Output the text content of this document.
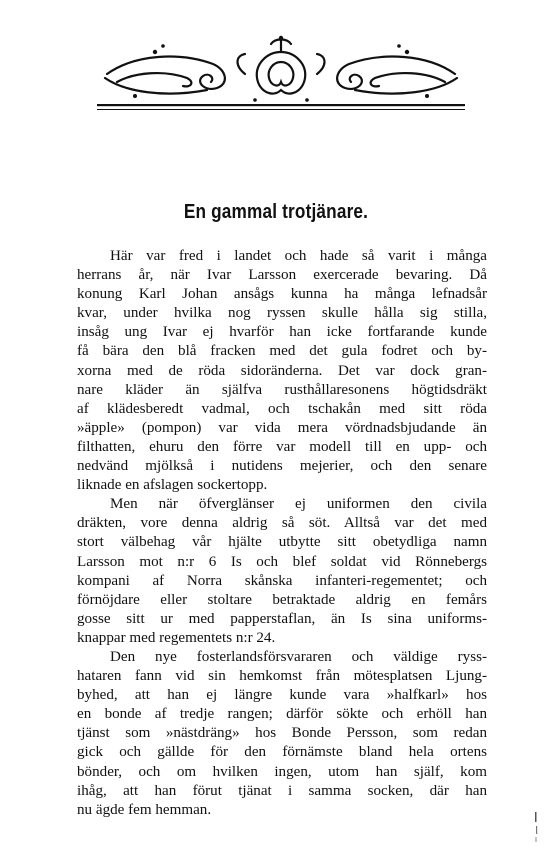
En gammal trotjänare.

Här var fred i landet och hade så varit i många
herrans år, när Ivar Larsson exercerade bevaring. Då
konung Karl Johan ansågs kunna ha många lefnadsår
kvar, under hvilka nog ryssen skulle hålla sig stilla,
insåg ung Ivar ej hvarför han icke fortfarande kunde
få bära den blå fracken med det gula fodret och by-
xorna med de röda sidoränderna. Det var dock gran-
nare kläder än själfva rusthållaresonens högtidsdräkt
af klädesberedt vadmal, och tschakån med sitt röda
»äpple» (pompon) var vida mera vördnadsbjudande än
filthatten, ehuru den förre var modell till en upp- och
nedvänd mjölkså i nutidens mejerier, och den senare
liknade en afslagen sockertopp.

Men när öfverglänser ej uniformen den civila
dräkten, vore denna aldrig så söt. Alltså var det med
stort välbehag vår hjälte utbytte sitt obetydliga namn
Larsson mot n:r 6 Is och blef soldat vid Rönnebergs
kompani af Norra skånska infanteri-regementet; och
förnöjdare eller stoltare betraktade aldrig en femårs
gosse sitt ur med papperstaflan, än Is sina uniforms-
knappar med regementets n:r 24.

Den nye fosterlandsförsvararen och väldige ryss-
hataren fann vid sin hemkomst från mötesplatsen Ljung-
byhed, att han ej längre kunde vara »halfkarl» hos
en bonde af tredje rangen; därför sökte och erhöll han
tjänst som »nästdräng» hos Bonde Persson, som redan
gick och gällde för den förnämste bland hela ortens
bönder, och om hvilken ingen, utom han själf, kom
ihåg, att han förut tjänat i samma socken, där han
nu ägde fem hemman.
